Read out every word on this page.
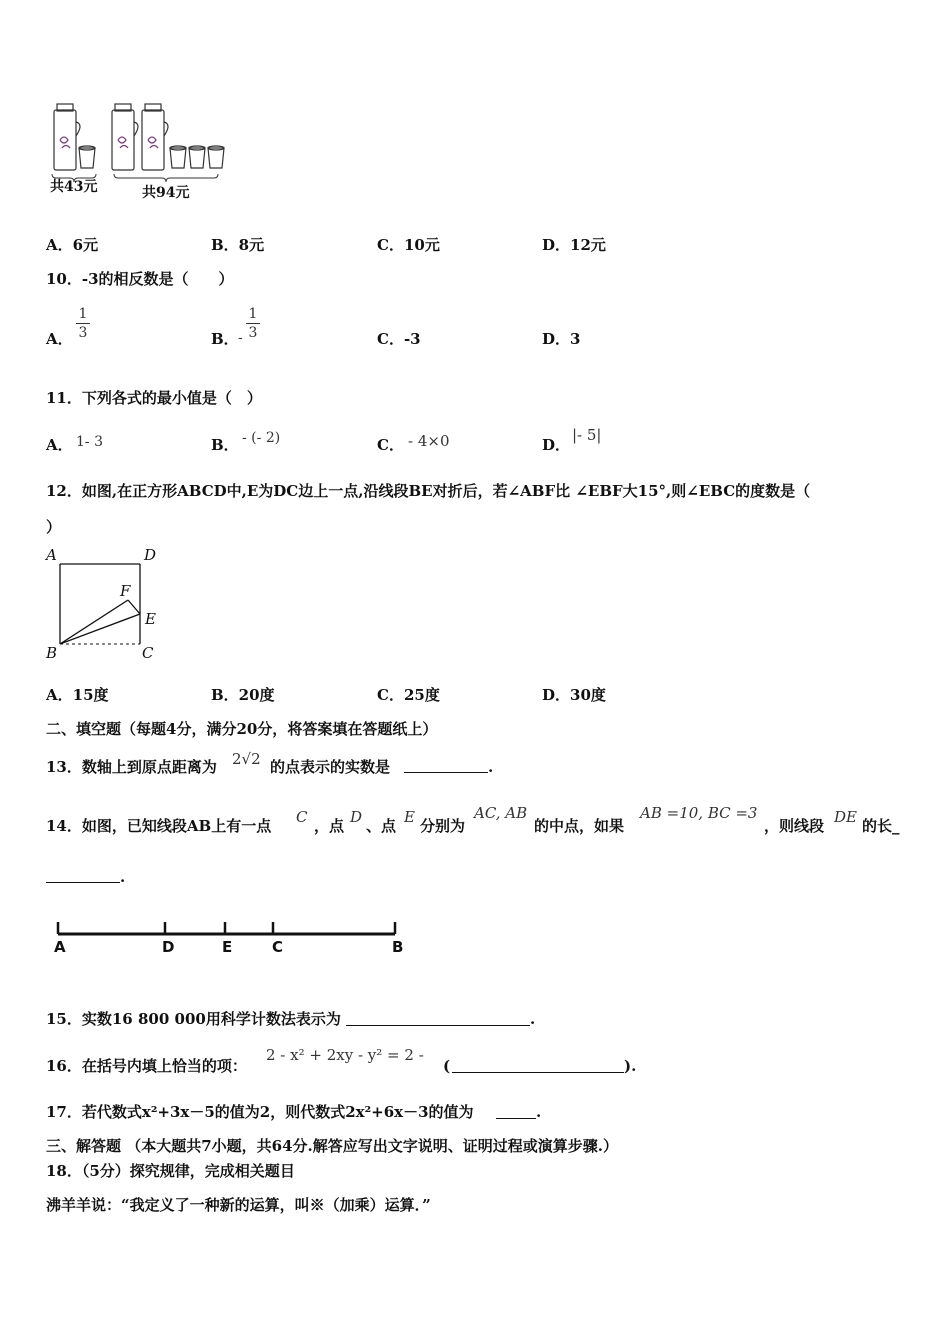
共43元	共94元
A．6元	B．8元	C．10元	D．12元
10．-3的相反数是（　　）
A．
1
3	B． -
1
3	C．-3	D．3
11．下列各式的最小值是（　）
A． 1- 3	B． - (- 2)	C． - 4×0	D．
|- 5|
12．如图,在正方形ABCD中,E为DC边上一点,沿线段BE对折后，若∠ABF比 ∠EBF大15°,则∠EBC的度数是（
）
A	D
F
E
B	C
A．15度	B．20度	C．25度	D．30度
二、填空题（每题4分，满分20分，将答案填在答题纸上）
13．数轴上到原点距离为 2√2 的点表示的实数是	.
14．如图，已知线段AB上有一点 C ，点 D 、点 E 分别为
AC, AB
的中点，如果
AB =10, BC =3
，则线段 DE 的长_
.
A	D	E	C	B
15．实数16 800 000用科学计数法表示为	.
16．在括号内填上恰当的项：
2 - x² + 2xy - y² = 2 -
(	).
17．若代数式x²+3x－5的值为2，则代数式2x²+6x－3的值为	.
三、解答题 （本大题共7小题，共64分.解答应写出文字说明、证明过程或演算步骤.）
18．（5分）探究规律，完成相关题目
沸羊羊说：“我定义了一种新的运算，叫※（加乘）运算．”
